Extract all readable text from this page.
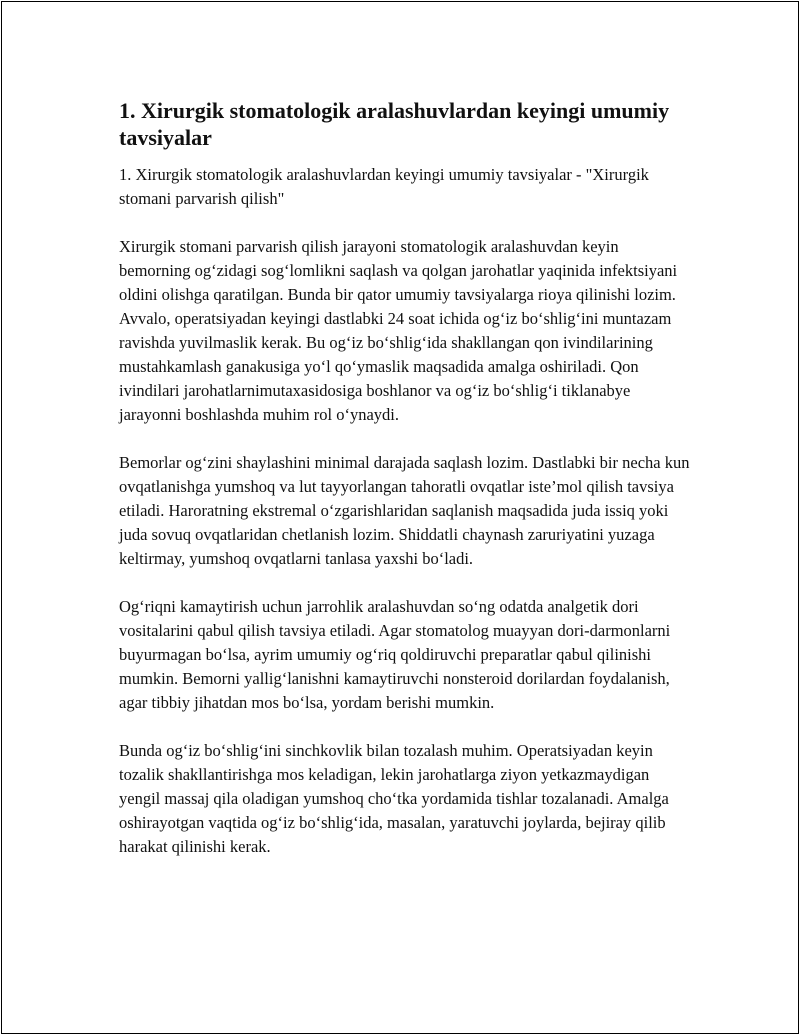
1. Xirurgik stomatologik aralashuvlardan keyingi umumiy tavsiyalar

1. Xirurgik stomatologik aralashuvlardan keyingi umumiy tavsiyalar - "Xirurgik stomani parvarish qilish"

Xirurgik stomani parvarish qilish jarayoni stomatologik aralashuvdan keyin bemorning og‘zidagi sog‘lomlikni saqlash va qolgan jarohatlar yaqinida infektsiyani oldini olishga qaratilgan. Bunda bir qator umumiy tavsiyalarga rioya qilinishi lozim. Avvalo, operatsiyadan keyingi dastlabki 24 soat ichida og‘iz bo‘shlig‘ini muntazam ravishda yuvilmaslik kerak. Bu og‘iz bo‘shlig‘ida shakllangan qon ivindilarining mustahkamlash ganakusiga yo‘l qo‘ymaslik maqsadida amalga oshiriladi. Qon ivindilari jarohatlarnimutaxasidosiga boshlanor va og‘iz bo‘shlig‘i tiklanabye jarayonni boshlashda muhim rol o‘ynaydi.

Bemorlar og‘zini shaylashini minimal darajada saqlash lozim. Dastlabki bir necha kun ovqatlanishga yumshoq va lut tayyorlangan tahoratli ovqatlar iste’mol qilish tavsiya etiladi. Haroratning ekstremal o‘zgarishlaridan saqlanish maqsadida juda issiq yoki juda sovuq ovqatlaridan chetlanish lozim. Shiddatli chaynash zaruriyatini yuzaga keltirmay, yumshoq ovqatlarni tanlasa yaxshi bo‘ladi.

Og‘riqni kamaytirish uchun jarrohlik aralashuvdan so‘ng odatda analgetik dori vositalarini qabul qilish tavsiya etiladi. Agar stomatolog muayyan dori-darmonlarni buyurmagan bo‘lsa, ayrim umumiy og‘riq qoldiruvchi preparatlar qabul qilinishi mumkin. Bemorni yallig‘lanishni kamaytiruvchi nonsteroid dorilardan foydalanish, agar tibbiy jihatdan mos bo‘lsa, yordam berishi mumkin.

Bunda og‘iz bo‘shlig‘ini sinchkovlik bilan tozalash muhim. Operatsiyadan keyin tozalik shakllantirishga mos keladigan, lekin jarohatlarga ziyon yetkazmaydigan yengil massaj qila oladigan yumshoq cho‘tka yordamida tishlar tozalanadi. Amalga oshirayotgan vaqtida og‘iz bo‘shlig‘ida, masalan, yaratuvchi joylarda, bejiray qilib harakat qilinishi kerak.
